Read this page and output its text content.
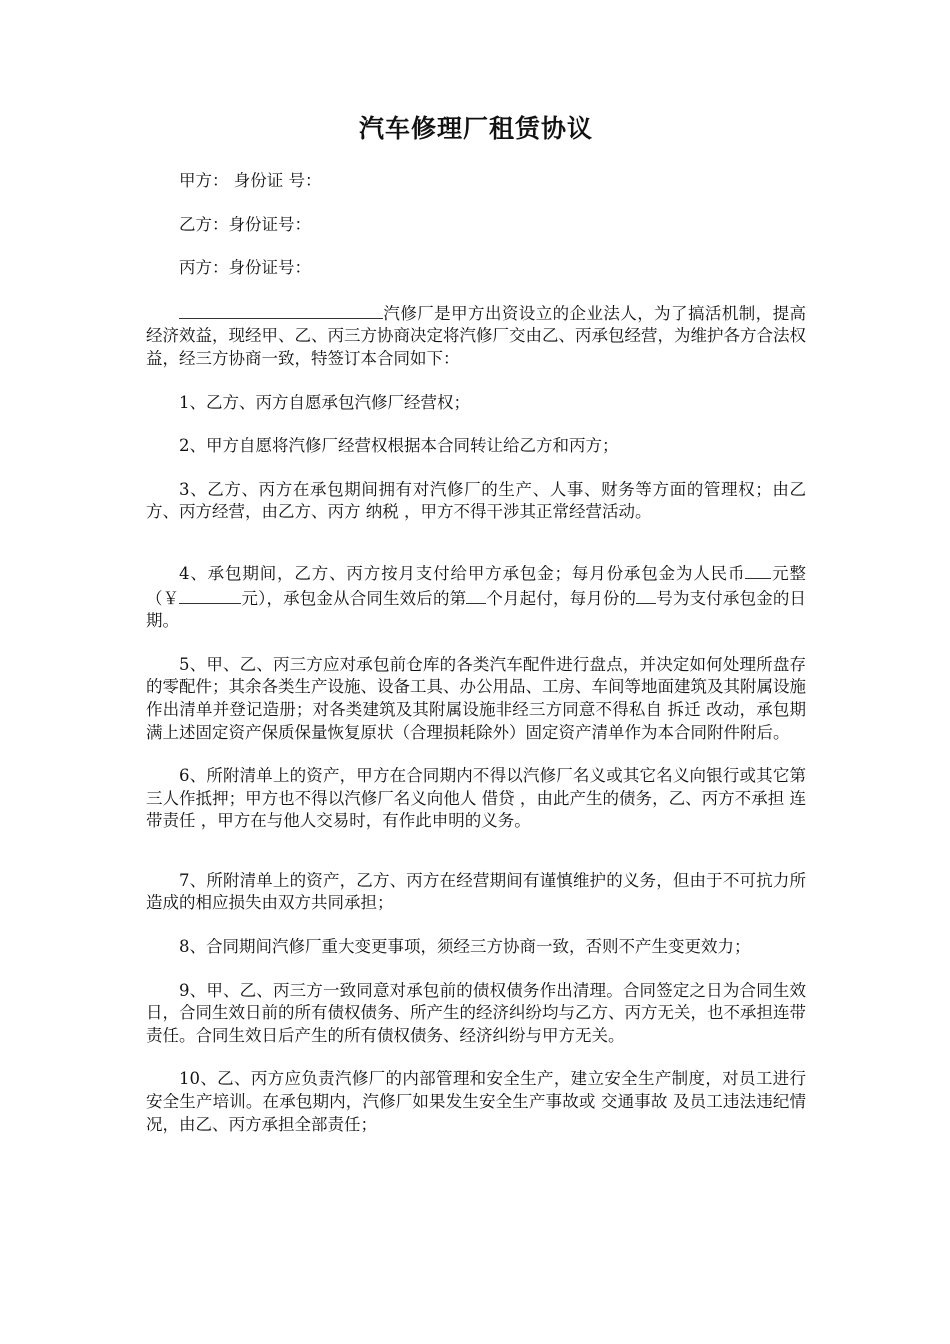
汽车修理厂租赁协议

甲方： 身份证 号：

乙方：身份证号：

丙方：身份证号：

汽修厂是甲方出资设立的企业法人，为了搞活机制，提高经济效益，现经甲、乙、丙三方协商决定将汽修厂交由乙、丙承包经营，为维护各方合法权益，经三方协商一致，特签订本合同如下：

1、乙方、丙方自愿承包汽修厂经营权；

2、甲方自愿将汽修厂经营权根据本合同转让给乙方和丙方；

3、乙方、丙方在承包期间拥有对汽修厂的生产、人事、财务等方面的管理权；由乙方、丙方经营，由乙方、丙方 纳税 ，甲方不得干涉其正常经营活动。

4、承包期间，乙方、丙方按月支付给甲方承包金；每月份承包金为人民币 元整（￥	元），承包金从合同生效后的第 个月起付，每月份的 号为支付承包金的日期。

5、甲、乙、丙三方应对承包前仓库的各类汽车配件进行盘点，并决定如何处理所盘存的零配件；其余各类生产设施、设备工具、办公用品、工房、车间等地面建筑及其附属设施作出清单并登记造册；对各类建筑及其附属设施非经三方同意不得私自 拆迁 改动，承包期满上述固定资产保质保量恢复原状（合理损耗除外）固定资产清单作为本合同附件附后。

6、所附清单上的资产，甲方在合同期内不得以汽修厂名义或其它名义向银行或其它第三人作抵押；甲方也不得以汽修厂名义向他人 借贷 ，由此产生的债务，乙、丙方不承担 连带责任 ，甲方在与他人交易时，有作此申明的义务。

7、所附清单上的资产，乙方、丙方在经营期间有谨慎维护的义务，但由于不可抗力所造成的相应损失由双方共同承担；

8、合同期间汽修厂重大变更事项，须经三方协商一致，否则不产生变更效力；

9、甲、乙、丙三方一致同意对承包前的债权债务作出清理。合同签定之日为合同生效日，合同生效日前的所有债权债务、所产生的经济纠纷均与乙方、丙方无关，也不承担连带责任。合同生效日后产生的所有债权债务、经济纠纷与甲方无关。

10、乙、丙方应负责汽修厂的内部管理和安全生产，建立安全生产制度，对员工进行安全生产培训。在承包期内，汽修厂如果发生安全生产事故或 交通事故 及员工违法违纪情况，由乙、丙方承担全部责任；
